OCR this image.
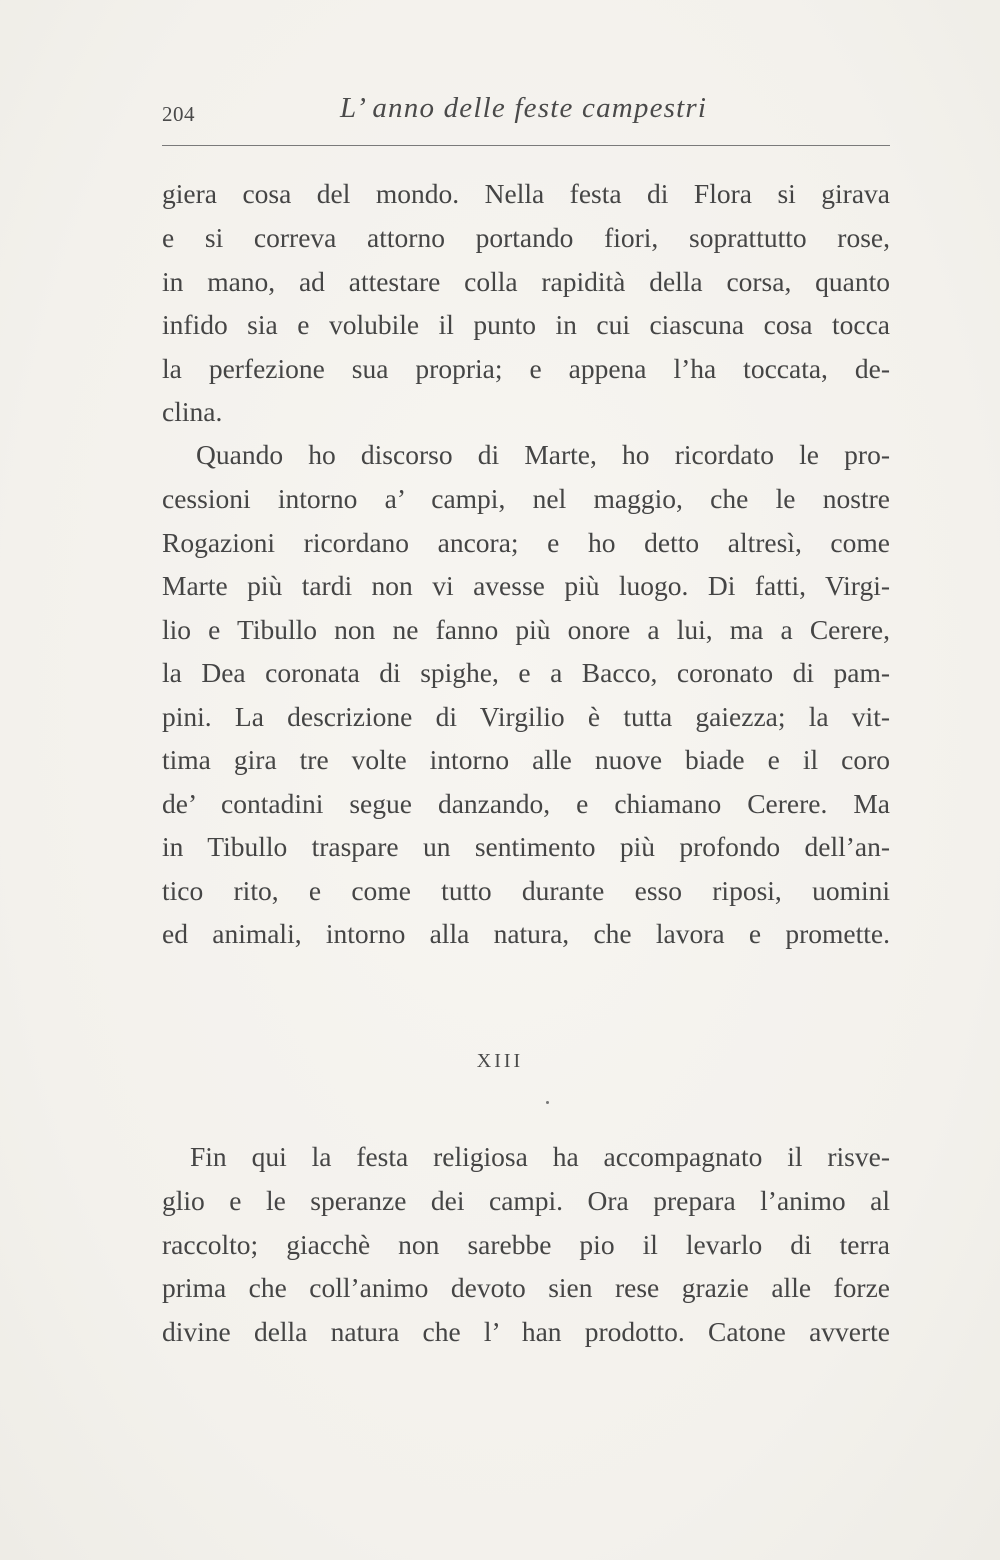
204	L’ anno delle feste campestri
giera cosa del mondo. Nella festa di Flora si girava
e si correva attorno portando fiori, soprattutto rose,
in mano, ad attestare colla rapidità della corsa, quanto
infido sia e volubile il punto in cui ciascuna cosa tocca
la perfezione sua propria; e appena l’ha toccata, de-
clina.
Quando ho discorso di Marte, ho ricordato le pro-
cessioni intorno a’ campi, nel maggio, che le nostre
Rogazioni ricordano ancora; e ho detto altresì, come
Marte più tardi non vi avesse più luogo. Di fatti, Virgi-
lio e Tibullo non ne fanno più onore a lui, ma a Cerere,
la Dea coronata di spighe, e a Bacco, coronato di pam-
pini. La descrizione di Virgilio è tutta gaiezza; la vit-
tima gira tre volte intorno alle nuove biade e il coro
de’ contadini segue danzando, e chiamano Cerere. Ma
in Tibullo traspare un sentimento più profondo dell’an-
tico rito, e come tutto durante esso riposi, uomini
ed animali, intorno alla natura, che lavora e promette.
XIII
Fin qui la festa religiosa ha accompagnato il risve-
glio e le speranze dei campi. Ora prepara l’animo al
raccolto; giacchè non sarebbe pio il levarlo di terra
prima che coll’animo devoto sien rese grazie alle forze
divine della natura che l’ han prodotto. Catone avverte
